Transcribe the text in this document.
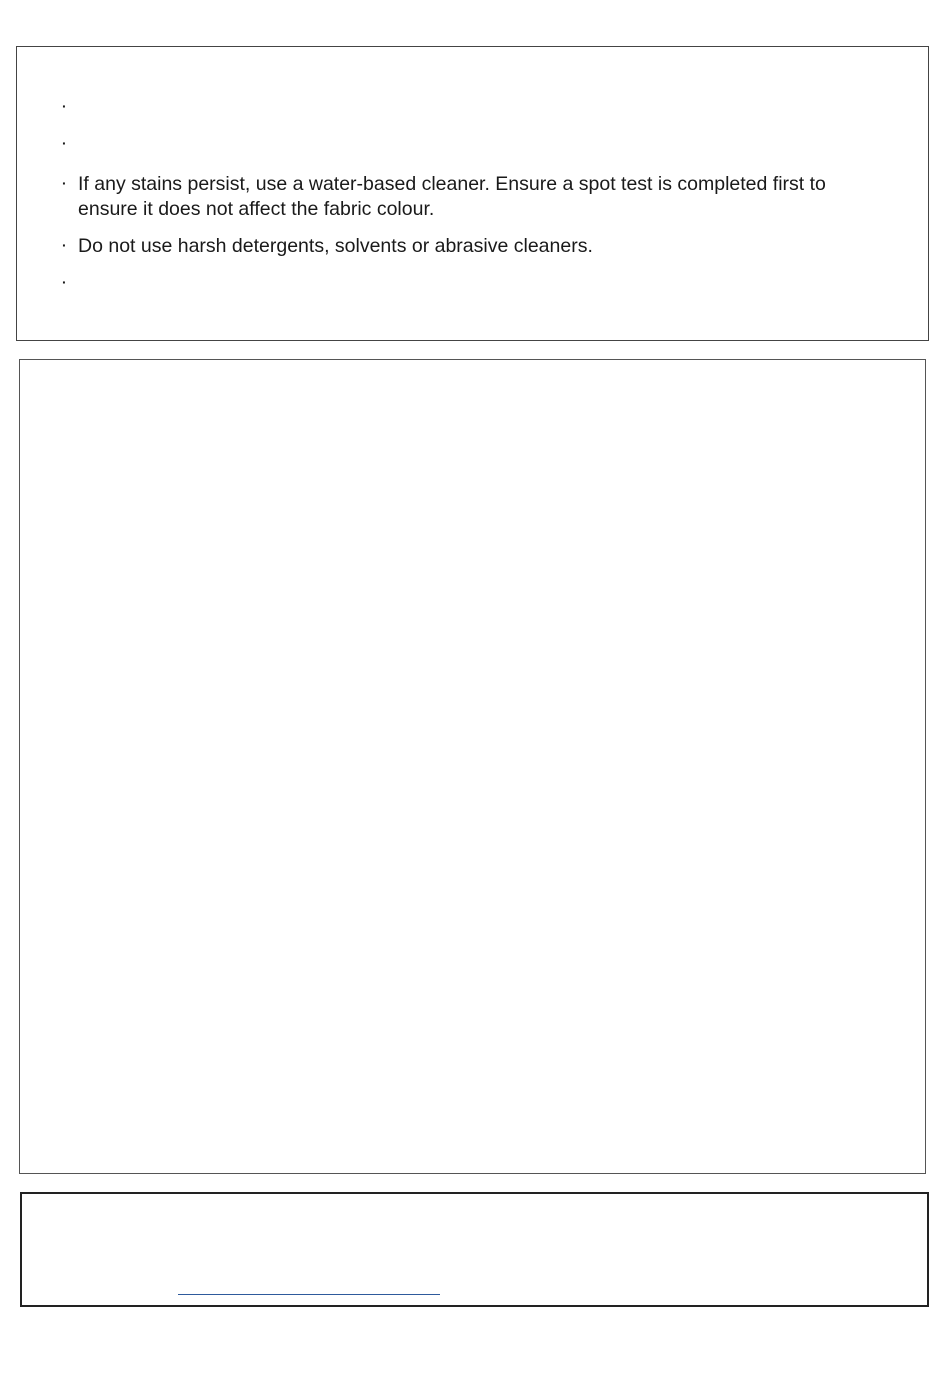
·
·
· If any stains persist, use a water-based cleaner. Ensure a spot test is completed first to ensure it does not affect the fabric colour.
· Do not use harsh detergents, solvents or abrasive cleaners.
·
